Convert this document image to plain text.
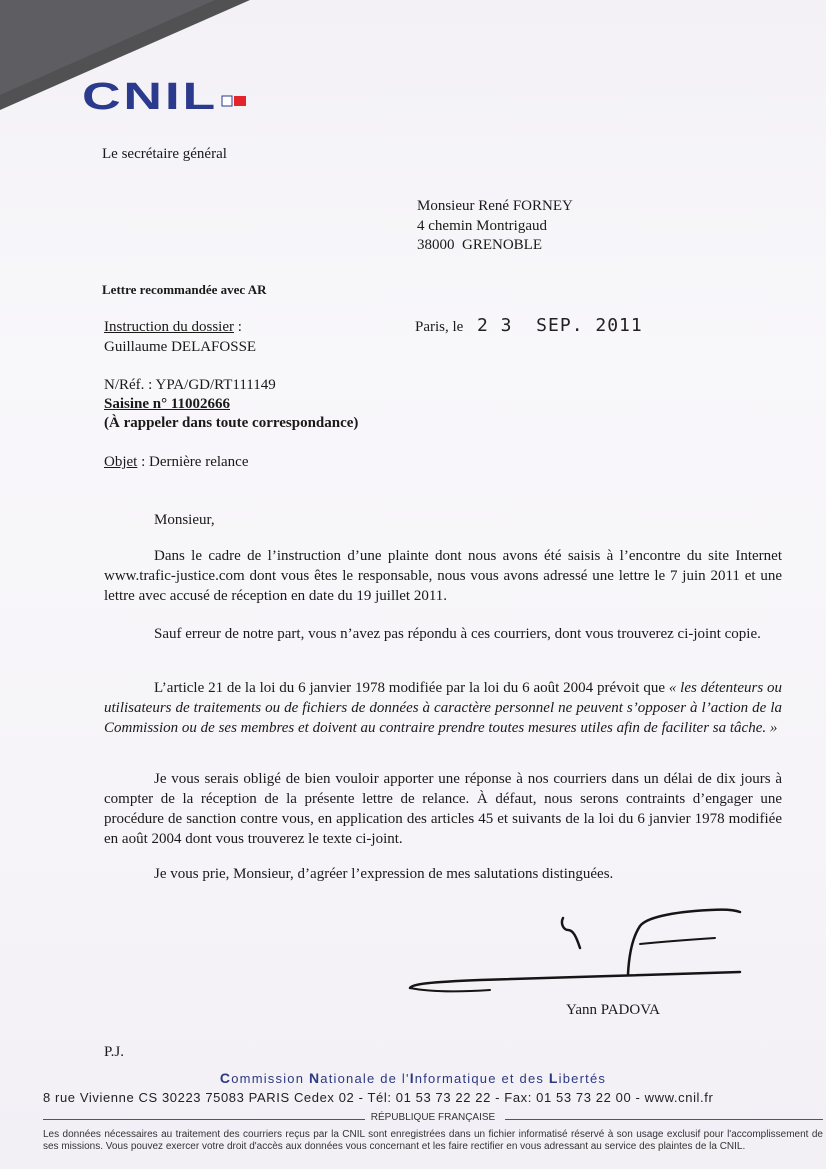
CNIL
Le secrétaire général
Monsieur René FORNEY
4 chemin Montrigaud
38000  GRENOBLE
Lettre recommandée avec AR
Instruction du dossier :
Guillaume DELAFOSSE
Paris, le 2 3  SEP. 2011
N/Réf. : YPA/GD/RT111149
Saisine n° 11002666
(À rappeler dans toute correspondance)
Objet : Dernière relance
Monsieur,
Dans le cadre de l’instruction d’une plainte dont nous avons été saisis à l’encontre du site Internet www.trafic-justice.com dont vous êtes le responsable, nous vous avons adressé une lettre le 7 juin 2011 et une lettre avec accusé de réception en date du 19 juillet 2011.
Sauf erreur de notre part, vous n’avez pas répondu à ces courriers, dont vous trouverez ci-joint copie.
L’article 21 de la loi du 6 janvier 1978 modifiée par la loi du 6 août 2004 prévoit que « les détenteurs ou utilisateurs de traitements ou de fichiers de données à caractère personnel ne peuvent s’opposer à l’action de la Commission ou de ses membres et doivent au contraire prendre toutes mesures utiles afin de faciliter sa tâche. »
Je vous serais obligé de bien vouloir apporter une réponse à nos courriers dans un délai de dix jours à compter de la réception de la présente lettre de relance. À défaut, nous serons contraints d’engager une procédure de sanction contre vous, en application des articles 45 et suivants de la loi du 6 janvier 1978 modifiée en août 2004 dont vous trouverez le texte ci-joint.
Je vous prie, Monsieur, d’agréer l’expression de mes salutations distinguées.
Yann PADOVA
P.J.
Commission Nationale de l'Informatique et des Libertés
8 rue Vivienne CS 30223 75083 PARIS Cedex 02 - Tél: 01 53 73 22 22 - Fax: 01 53 73 22 00 - www.cnil.fr
RÉPUBLIQUE FRANÇAISE
Les données nécessaires au traitement des courriers reçus par la CNIL sont enregistrées dans un fichier informatisé réservé à son usage exclusif pour l'accomplissement de ses missions. Vous pouvez exercer votre droit d'accès aux données vous concernant et les faire rectifier en vous adressant au service des plaintes de la CNIL.
